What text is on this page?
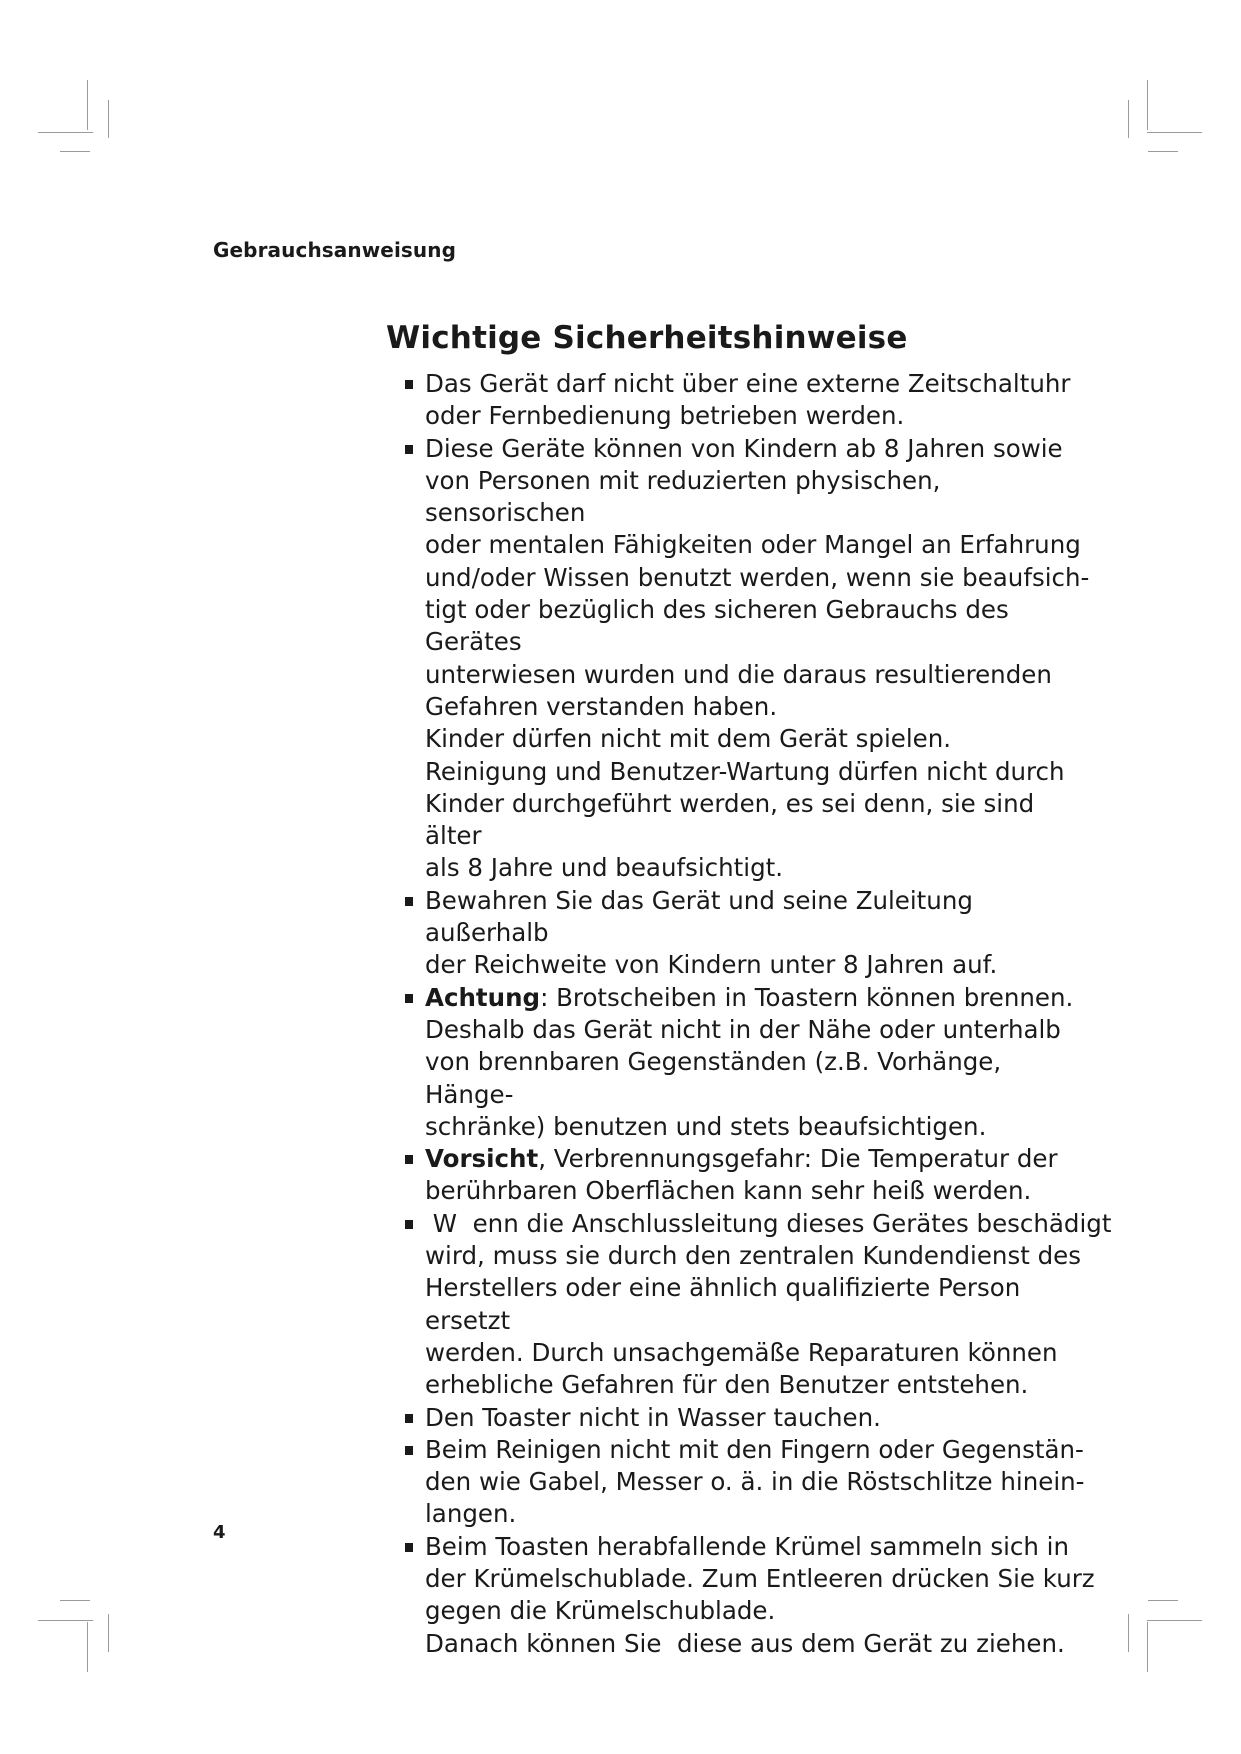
Gebrauchsanweisung
Wichtige Sicherheitshinweise

Das Gerät darf nicht über eine externe Zeitschaltuhr

oder Fernbedienung betrieben werden.

Diese Geräte können von Kindern ab 8 Jahren sowie

von Personen mit reduzierten physischen, sensorischen

oder mentalen Fähigkeiten oder Mangel an Erfahrung

und/oder Wissen benutzt werden, wenn sie beaufsich-

tigt oder bezüglich des sicheren Gebrauchs des Gerätes

unterwiesen wurden und die daraus resultierenden

Gefahren verstanden haben.

Kinder dürfen nicht mit dem Gerät spielen.

Reinigung und Benutzer-Wartung dürfen nicht durch

Kinder durchgeführt werden, es sei denn, sie sind älter

als 8 Jahre und beaufsichtigt.

Bewahren Sie das Gerät und seine Zuleitung außerhalb

der Reichweite von Kindern unter 8 Jahren auf.

Achtung: Brotscheiben in Toastern können brennen.

Deshalb das Gerät nicht in der Nähe oder unterhalb

von brennbaren Gegenständen (z.B. Vorhänge, Hänge-

schränke) benutzen und stets beaufsichtigen.

Vorsicht, Verbrennungsgefahr: Die Temperatur der

berührbaren Oberflächen kann sehr heiß werden.

W  enn die Anschlussleitung dieses Gerätes beschädigt

wird, muss sie durch den zentralen Kundendienst des

Herstellers oder eine ähnlich qualifizierte Person ersetzt

werden. Durch unsachgemäße Reparaturen können

erhebliche Gefahren für den Benutzer entstehen.

Den Toaster nicht in Wasser tauchen.

Beim Reinigen nicht mit den Fingern oder Gegenstän-

den wie Gabel, Messer o. ä. in die Röstschlitze hinein-

langen.

Beim Toasten herabfallende Krümel sammeln sich in

der Krümelschublade. Zum Entleeren drücken Sie kurz

gegen die Krümelschublade.

Danach können Sie  diese aus dem Gerät zu ziehen.

4
